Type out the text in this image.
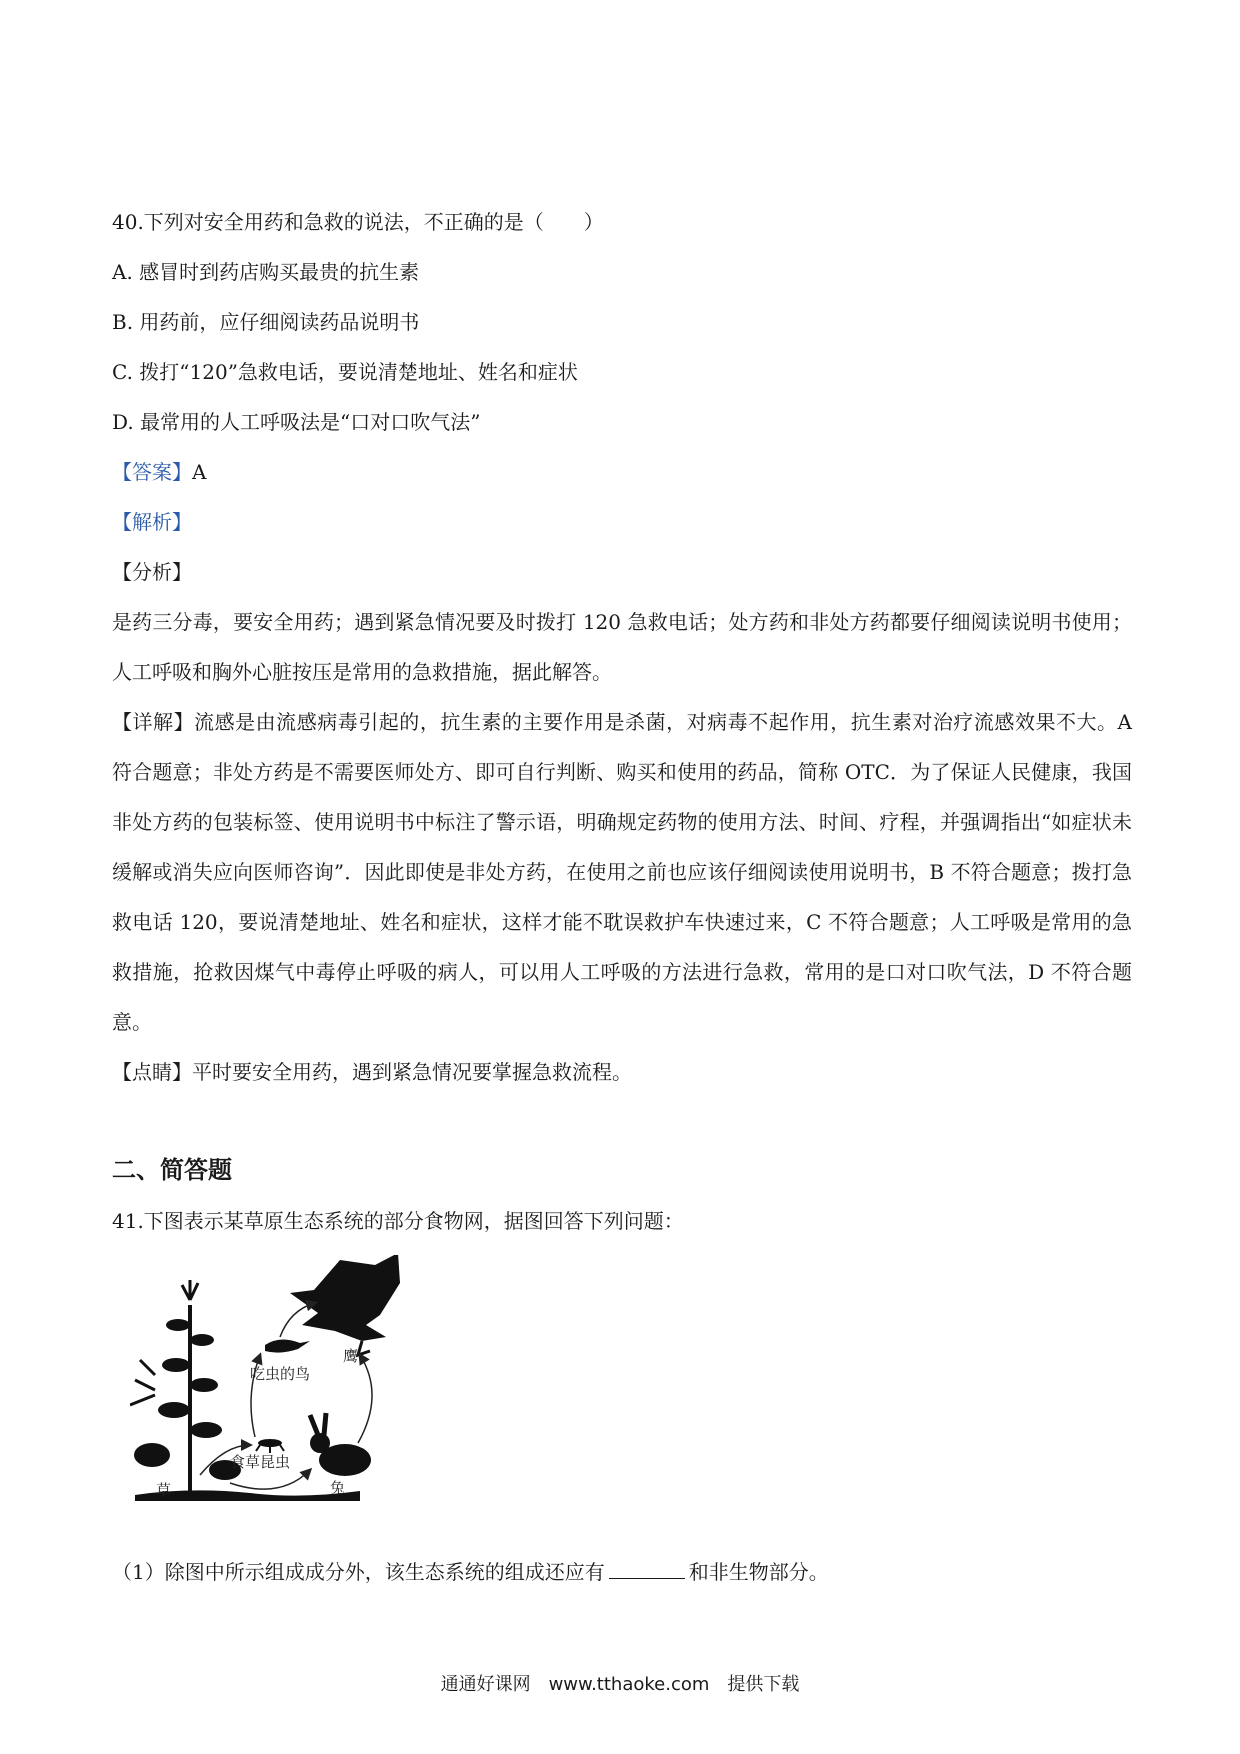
40.下列对安全用药和急救的说法，不正确的是（　　）
A. 感冒时到药店购买最贵的抗生素
B. 用药前，应仔细阅读药品说明书
C. 拨打“120”急救电话，要说清楚地址、姓名和症状
D. 最常用的人工呼吸法是“口对口吹气法”
【答案】A
【解析】
【分析】
是药三分毒，要安全用药；遇到紧急情况要及时拨打 120 急救电话；处方药和非处方药都要仔细阅读说明书使用；人工呼吸和胸外心脏按压是常用的急救措施，据此解答。
【详解】流感是由流感病毒引起的，抗生素的主要作用是杀菌，对病毒不起作用，抗生素对治疗流感效果不大。A 符合题意；非处方药是不需要医师处方、即可自行判断、购买和使用的药品，简称 OTC．为了保证人民健康，我国非处方药的包装标签、使用说明书中标注了警示语，明确规定药物的使用方法、时间、疗程，并强调指出“如症状未缓解或消失应向医师咨询”．因此即使是非处方药，在使用之前也应该仔细阅读使用说明书，B 不符合题意；拨打急救电话 120，要说清楚地址、姓名和症状，这样才能不耽误救护车快速过来，C 不符合题意；人工呼吸是常用的急救措施，抢救因煤气中毒停止呼吸的病人，可以用人工呼吸的方法进行急救，常用的是口对口吹气法，D 不符合题意。
【点睛】平时要安全用药，遇到紧急情况要掌握急救流程。
二、简答题
41.下图表示某草原生态系统的部分食物网，据图回答下列问题：
草
食草昆虫
吃虫的鸟
兔
鹰
（1）除图中所示组成成分外，该生态系统的组成还应有	和非生物部分。
通通好课网　www.tthaoke.com　提供下载
